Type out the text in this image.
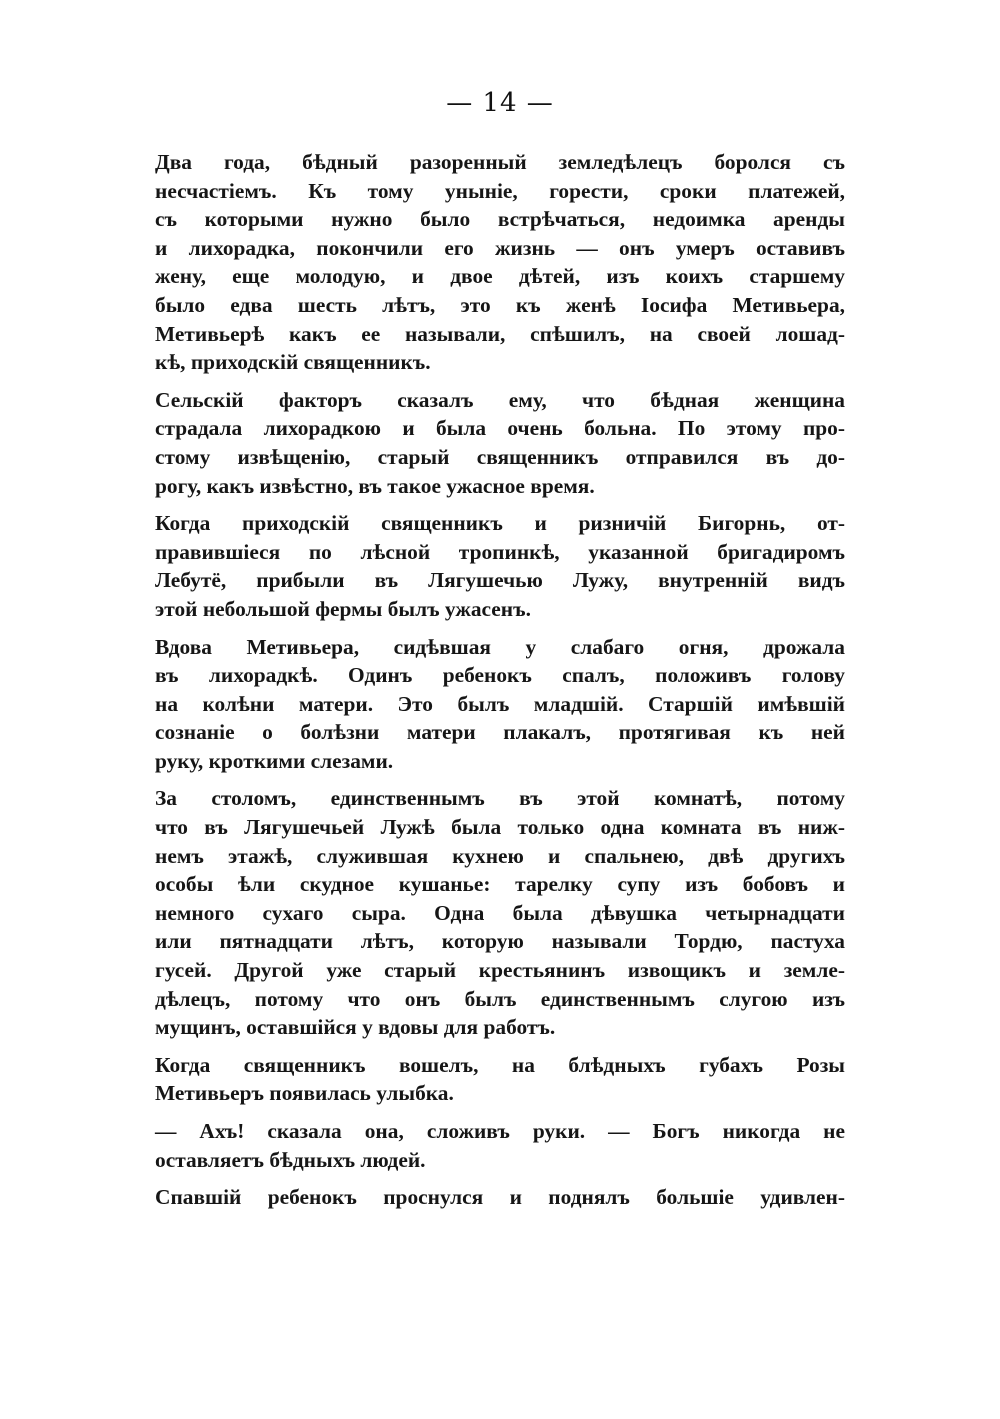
— 14 —
Два года, бѣдный разоренный земледѣлецъ боролся съ
несчастіемъ. Къ тому уныніе, горести, сроки платежей,
съ которыми нужно было встрѣчаться, недоимка аренды
и лихорадка, покончили его жизнь — онъ умеръ оставивъ
жену, еще молодую, и двое дѣтей, изъ коихъ старшему
было едва шесть лѣтъ, это къ женѣ Іосифа Метивьера,
Метивьерѣ какъ ее называли, спѣшилъ, на своей лошад-
кѣ, приходскій священникъ.
Сельскій факторъ сказалъ ему, что бѣдная женщина
страдала лихорадкою и была очень больна. По этому про-
стому извѣщенію, старый священникъ отправился въ до-
рогу, какъ извѣстно, въ такое ужасное время.
Когда приходскій священникъ и ризничій Бигорнь, от-
правившіеся по лѣсной тропинкѣ, указанной бригадиромъ
Лебутё, прибыли въ Лягушечью Лужу, внутренній видъ
этой небольшой фермы былъ ужасенъ.
Вдова Метивьера, сидѣвшая у слабаго огня, дрожала
въ лихорадкѣ. Одинъ ребенокъ спалъ, положивъ голову
на колѣни матери. Это былъ младшій. Старшій имѣвшій
сознаніе о болѣзни матери плакалъ, протягивая къ ней
руку, кроткими слезами.
За столомъ, единственнымъ въ этой комнатѣ, потому
что въ Лягушечьей Лужѣ была только одна комната въ ниж-
немъ этажѣ, служившая кухнею и спальнею, двѣ другихъ
особы ѣли скудное кушанье: тарелку супу изъ бобовъ и
немного сухаго сыра. Одна была дѣвушка четырнадцати
или пятнадцати лѣтъ, которую называли Тордю, пастуха
гусей. Другой уже старый крестьянинъ извощикъ и земле-
дѣлецъ, потому что онъ былъ единственнымъ слугою изъ
мущинъ, оставшійся у вдовы для работъ.
Когда священникъ вошелъ, на блѣдныхъ губахъ Розы
Метивьеръ появилась улыбка.
— Ахъ! сказала она, сложивъ руки. — Богъ никогда не
оставляетъ бѣдныхъ людей.
Спавшій ребенокъ проснулся и поднялъ большіе удивлен-
